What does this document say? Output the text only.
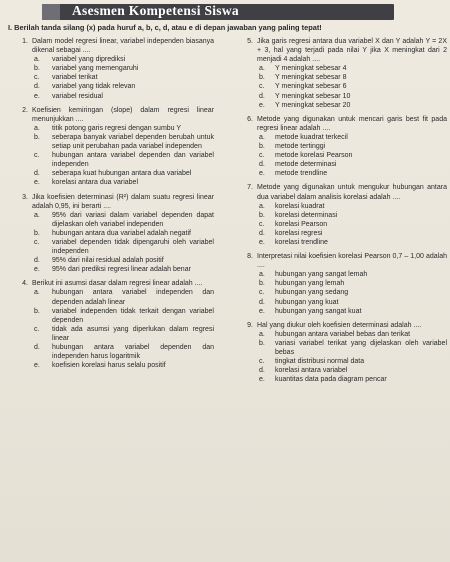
Asesmen Kompetensi Siswa
I. Berilah tanda silang (x) pada huruf a, b, c, d, atau e di depan jawaban yang paling tepat!
1. Dalam model regresi linear, variabel independen biasanya dikenal sebagai ....
a. variabel yang diprediksi
b. variabel yang memengaruhi
c. variabel terikat
d. variabel yang tidak relevan
e. variabel residual
2. Koefisien kemiringan (slope) dalam regresi linear menunjukkan ....
a. titik potong garis regresi dengan sumbu Y
b. seberapa banyak variabel dependen berubah untuk setiap unit perubahan pada variabel independen
c. hubungan antara variabel dependen dan variabel independen
d. seberapa kuat hubungan antara dua variabel
e. korelasi antara dua variabel
3. Jika koefisien determinasi (R²) dalam suatu regresi linear adalah 0,95, ini berarti ....
a. 95% dari variasi dalam variabel dependen dapat dijelaskan oleh variabel independen
b. hubungan antara dua variabel adalah negatif
c. variabel dependen tidak dipengaruhi oleh variabel independen
d. 95% dari nilai residual adalah positif
e. 95% dari prediksi regresi linear adalah benar
4. Berikut ini asumsi dasar dalam regresi linear adalah ....
a. hubungan antara variabel independen dan dependen adalah linear
b. variabel independen tidak terkait dengan variabel dependen
c. tidak ada asumsi yang diperlukan dalam regresi linear
d. hubungan antara variabel dependen dan independen harus logaritmik
e. koefisien korelasi harus selalu positif
5. Jika garis regresi antara dua variabel X dan Y adalah Y = 2X + 3, hal yang terjadi pada nilai Y jika X meningkat dari 2 menjadi 4 adalah ....
a. Y meningkat sebesar 4
b. Y meningkat sebesar 8
c. Y meningkat sebesar 6
d. Y meningkat sebesar 10
e. Y meningkat sebesar 20
6. Metode yang digunakan untuk mencari garis best fit pada regresi linear adalah ....
a. metode kuadrat terkecil
b. metode tertinggi
c. metode korelasi Pearson
d. metode determinasi
e. metode trendline
7. Metode yang digunakan untuk mengukur hubungan antara dua variabel dalam analisis korelasi adalah ....
a. korelasi kuadrat
b. korelasi determinasi
c. korelasi Pearson
d. korelasi regresi
e. korelasi trendline
8. Interpretasi nilai koefisien korelasi Pearson 0,7 – 1,00 adalah ....
a. hubungan yang sangat lemah
b. hubungan yang lemah
c. hubungan yang sedang
d. hubungan yang kuat
e. hubungan yang sangat kuat
9. Hal yang diukur oleh koefisien determinasi adalah ....
a. hubungan antara variabel bebas dan terikat
b. variasi variabel terikat yang dijelaskan oleh variabel bebas
c. tingkat distribusi normal data
d. korelasi antara variabel
e. kuantitas data pada diagram pencar
